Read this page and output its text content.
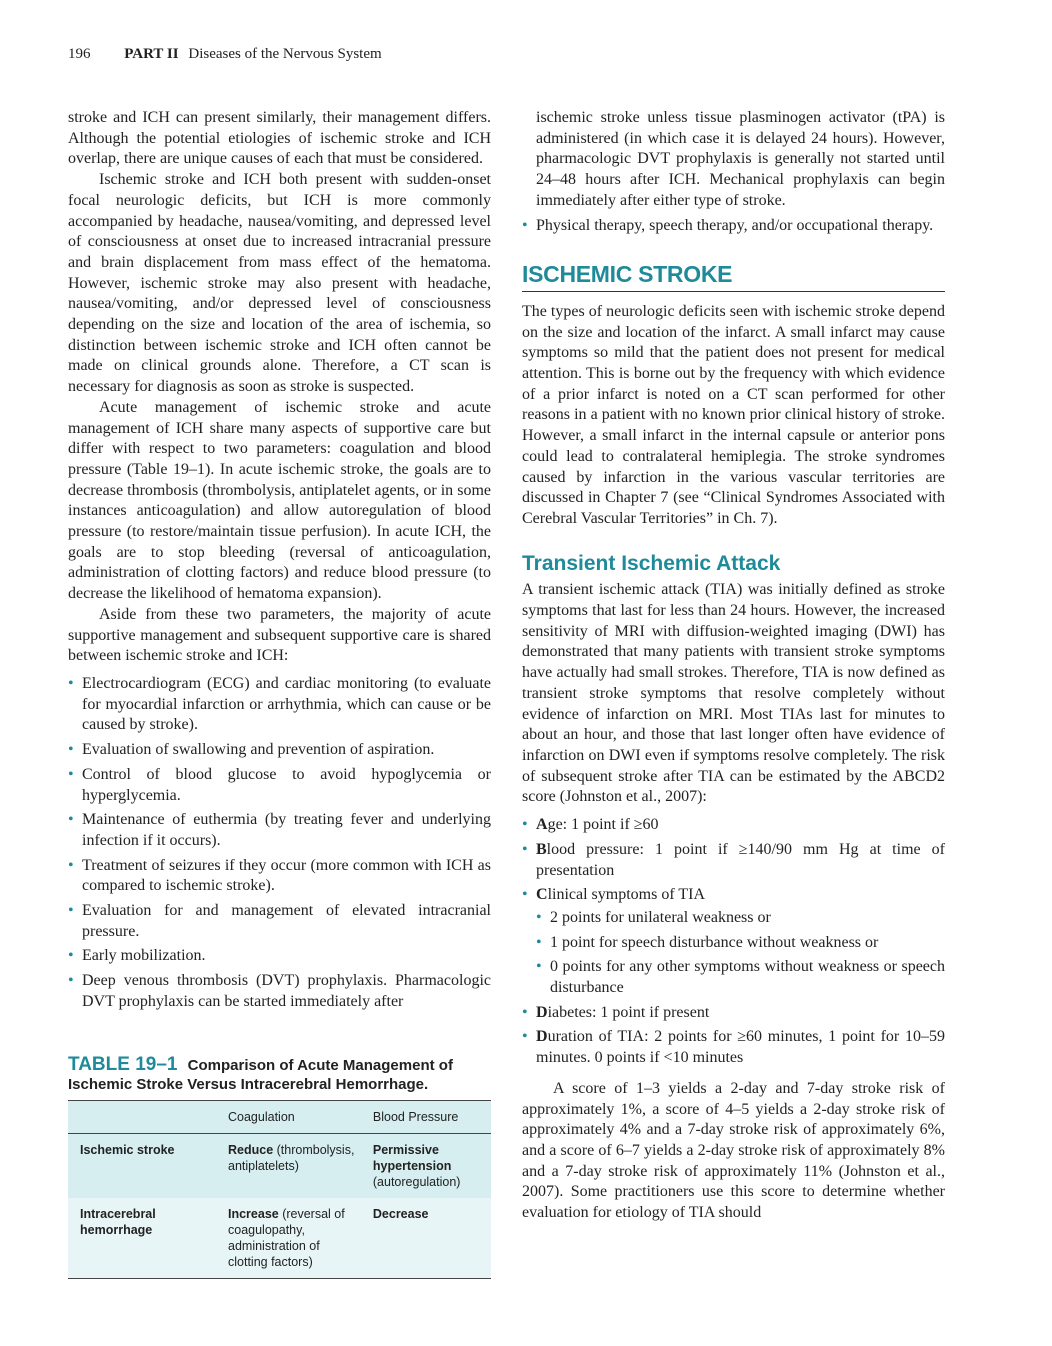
196 PART II Diseases of the Nervous System

stroke and ICH can present similarly, their management differs. Although the potential etiologies of ischemic stroke and ICH overlap, there are unique causes of each that must be considered.

Ischemic stroke and ICH both present with sudden-onset focal neurologic deficits, but ICH is more commonly accompanied by headache, nausea/vomiting, and depressed level of consciousness at onset due to increased intracranial pressure and brain displacement from mass effect of the hematoma. However, ischemic stroke may also present with headache, nausea/vomiting, and/or depressed level of consciousness depending on the size and location of the area of ischemia, so distinction between ischemic stroke and ICH often cannot be made on clinical grounds alone. Therefore, a CT scan is necessary for diagnosis as soon as stroke is suspected.

Acute management of ischemic stroke and acute management of ICH share many aspects of supportive care but differ with respect to two parameters: coagulation and blood pressure (Table 19–1). In acute ischemic stroke, the goals are to decrease thrombosis (thrombolysis, antiplatelet agents, or in some instances anticoagulation) and allow autoregulation of blood pressure (to restore/maintain tissue perfusion). In acute ICH, the goals are to stop bleeding (reversal of anticoagulation, administration of clotting factors) and reduce blood pressure (to decrease the likelihood of hematoma expansion).

Aside from these two parameters, the majority of acute supportive management and subsequent supportive care is shared between ischemic stroke and ICH:

• Electrocardiogram (ECG) and cardiac monitoring (to evaluate for myocardial infarction or arrhythmia, which can cause or be caused by stroke).
• Evaluation of swallowing and prevention of aspiration.
• Control of blood glucose to avoid hypoglycemia or hyperglycemia.
• Maintenance of euthermia (by treating fever and underlying infection if it occurs).
• Treatment of seizures if they occur (more common with ICH as compared to ischemic stroke).
• Evaluation for and management of elevated intracranial pressure.
• Early mobilization.
• Deep venous thrombosis (DVT) prophylaxis. Pharmacologic DVT prophylaxis can be started immediately after
TABLE 19–1 Comparison of Acute Management of Ischemic Stroke Versus Intracerebral Hemorrhage.
	Coagulation	Blood Pressure
Ischemic stroke	Reduce (thrombolysis, antiplatelets)	Permissive hypertension (autoregulation)
Intracerebral hemorrhage	Increase (reversal of coagulopathy, administration of clotting factors)	Decrease

ischemic stroke unless tissue plasminogen activator (tPA) is administered (in which case it is delayed 24 hours). However, pharmacologic DVT prophylaxis is generally not started until 24–48 hours after ICH. Mechanical prophylaxis can begin immediately after either type of stroke.

• Physical therapy, speech therapy, and/or occupational therapy.
ISCHEMIC STROKE

The types of neurologic deficits seen with ischemic stroke depend on the size and location of the infarct. A small infarct may cause symptoms so mild that the patient does not present for medical attention. This is borne out by the frequency with which evidence of a prior infarct is noted on a CT scan performed for other reasons in a patient with no known prior clinical history of stroke. However, a small infarct in the internal capsule or anterior pons could lead to contralateral hemiplegia. The stroke syndromes caused by infarction in the various vascular territories are discussed in Chapter 7 (see “Clinical Syndromes Associated with Cerebral Vascular Territories” in Ch. 7).

Transient Ischemic Attack

A transient ischemic attack (TIA) was initially defined as stroke symptoms that last for less than 24 hours. However, the increased sensitivity of MRI with diffusion-weighted imaging (DWI) has demonstrated that many patients with transient stroke symptoms have actually had small strokes. Therefore, TIA is now defined as transient stroke symptoms that resolve completely without evidence of infarction on MRI. Most TIAs last for minutes to about an hour, and those that last longer often have evidence of infarction on DWI even if symptoms resolve completely. The risk of subsequent stroke after TIA can be estimated by the ABCD2 score (Johnston et al., 2007):

• Age: 1 point if ≥60
• Blood pressure: 1 point if ≥140/90 mm Hg at time of presentation
• Clinical symptoms of TIA
• 2 points for unilateral weakness or
• 1 point for speech disturbance without weakness or
• 0 points for any other symptoms without weakness or speech disturbance
• Diabetes: 1 point if present
• Duration of TIA: 2 points for ≥60 minutes, 1 point for 10–59 minutes. 0 points if <10 minutes

A score of 1–3 yields a 2-day and 7-day stroke risk of approximately 1%, a score of 4–5 yields a 2-day stroke risk of approximately 4% and a 7-day stroke risk of approximately 6%, and a score of 6–7 yields a 2-day stroke risk of approximately 8% and a 7-day stroke risk of approximately 11% (Johnston et al., 2007). Some practitioners use this score to determine whether evaluation for etiology of TIA should
